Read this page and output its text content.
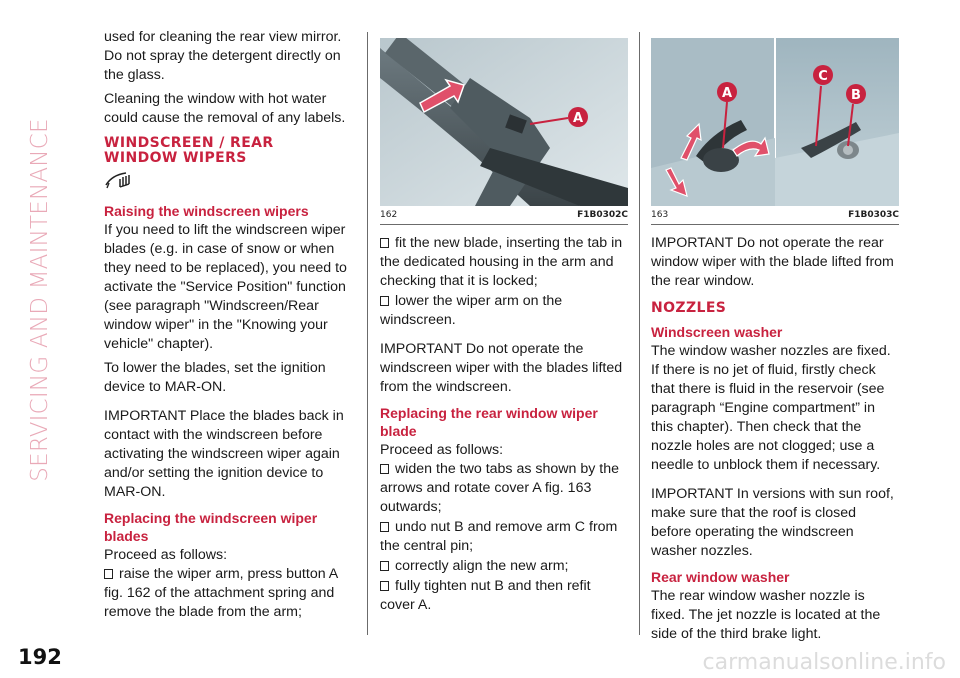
SERVICING AND MAINTENANCE

used for cleaning the rear view mirror. Do not spray the detergent directly on the glass.

Cleaning the window with hot water could cause the removal of any labels.

WINDSCREEN / REAR
WINDOW WIPERS
Raising the windscreen wipers

If you need to lift the windscreen wiper blades (e.g. in case of snow or when they need to be replaced), you need to activate the "Service Position" function (see paragraph "Windscreen/Rear window wiper" in the "Knowing your vehicle" chapter).

To lower the blades, set the ignition device to MAR-ON.

IMPORTANT Place the blades back in contact with the windscreen before activating the windscreen wiper again and/or setting the ignition device to MAR-ON.

Replacing the windscreen wiper blades

Proceed as follows:

raise the wiper arm, press button A fig. 162 of the attachment spring and remove the blade from the arm;
A
162	F1B0302C
fit the new blade, inserting the tab in the dedicated housing in the arm and checking that it is locked;
lower the wiper arm on the windscreen.

IMPORTANT Do not operate the windscreen wiper with the blades lifted from the windscreen.

Replacing the rear window wiper blade

Proceed as follows:

widen the two tabs as shown by the arrows and rotate cover A fig. 163 outwards;
undo nut B and remove arm C from the central pin;
correctly align the new arm;
fully tighten nut B and then refit cover A.
A
C
B
163	F1B0303C

IMPORTANT Do not operate the rear window wiper with the blade lifted from the rear window.

NOZZLES
Windscreen washer

The window washer nozzles are fixed. If there is no jet of fluid, firstly check that there is fluid in the reservoir (see paragraph “Engine compartment” in this chapter). Then check that the nozzle holes are not clogged; use a needle to unblock them if necessary.

IMPORTANT In versions with sun roof, make sure that the roof is closed before operating the windscreen washer nozzles.

Rear window washer

The rear window washer nozzle is fixed. The jet nozzle is located at the side of the third brake light.

192	carmanualsonline.info
